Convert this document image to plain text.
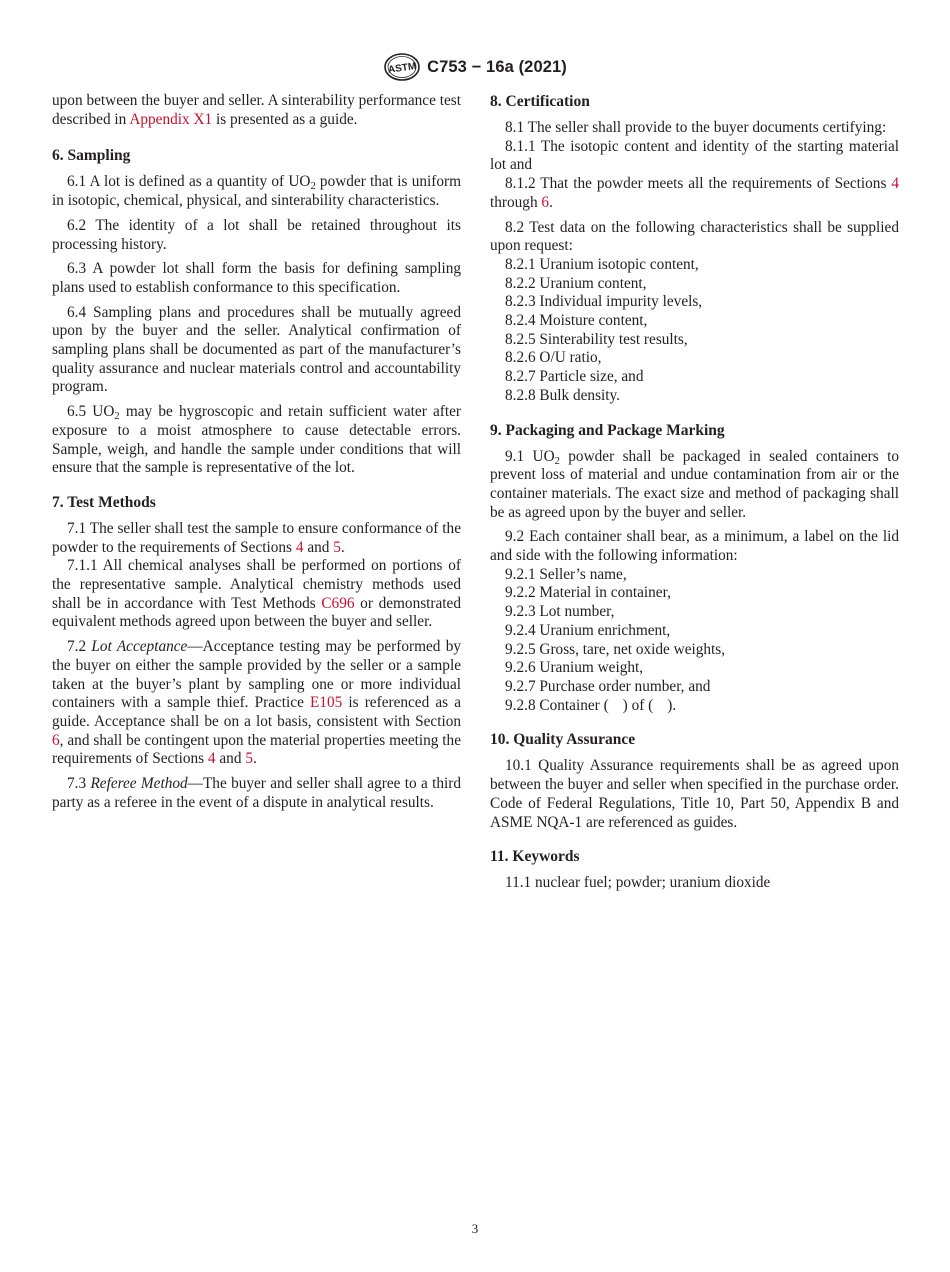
ASTM C753 − 16a (2021)

upon between the buyer and seller. A sinterability performance test described in Appendix X1 is presented as a guide.

6. Sampling

6.1 A lot is defined as a quantity of $UO_2$ powder that is uniform in isotopic, chemical, physical, and sinterability characteristics.

6.2 The identity of a lot shall be retained throughout its processing history.

6.3 A powder lot shall form the basis for defining sampling plans used to establish conformance to this specification.

6.4 Sampling plans and procedures shall be mutually agreed upon by the buyer and the seller. Analytical confirmation of sampling plans shall be documented as part of the manufacturer’s quality assurance and nuclear materials control and accountability program.

6.5 $UO_2$ may be hygroscopic and retain sufficient water after exposure to a moist atmosphere to cause detectable errors. Sample, weigh, and handle the sample under conditions that will ensure that the sample is representative of the lot.

7. Test Methods

7.1 The seller shall test the sample to ensure conformance of the powder to the requirements of Sections 4 and 5.

7.1.1 All chemical analyses shall be performed on portions of the representative sample. Analytical chemistry methods used shall be in accordance with Test Methods C696 or demonstrated equivalent methods agreed upon between the buyer and seller.

7.2 Lot Acceptance—Acceptance testing may be performed by the buyer on either the sample provided by the seller or a sample taken at the buyer’s plant by sampling one or more individual containers with a sample thief. Practice E105 is referenced as a guide. Acceptance shall be on a lot basis, consistent with Section 6, and shall be contingent upon the material properties meeting the requirements of Sections 4 and 5.

7.3 Referee Method—The buyer and seller shall agree to a third party as a referee in the event of a dispute in analytical results.

8. Certification

8.1 The seller shall provide to the buyer documents certifying:

8.1.1 The isotopic content and identity of the starting material lot and

8.1.2 That the powder meets all the requirements of Sections 4 through 6.

8.2 Test data on the following characteristics shall be supplied upon request:

8.2.1 Uranium isotopic content,
8.2.2 Uranium content,
8.2.3 Individual impurity levels,
8.2.4 Moisture content,
8.2.5 Sinterability test results,
8.2.6 O/U ratio,
8.2.7 Particle size, and
8.2.8 Bulk density.
9. Packaging and Package Marking

9.1 $UO_2$ powder shall be packaged in sealed containers to prevent loss of material and undue contamination from air or the container materials. The exact size and method of packaging shall be as agreed upon by the buyer and seller.

9.2 Each container shall bear, as a minimum, a label on the lid and side with the following information:

9.2.1 Seller’s name,
9.2.2 Material in container,
9.2.3 Lot number,
9.2.4 Uranium enrichment,
9.2.5 Gross, tare, net oxide weights,
9.2.6 Uranium weight,
9.2.7 Purchase order number, and
9.2.8 Container ( ) of ( ).
10. Quality Assurance

10.1 Quality Assurance requirements shall be as agreed upon between the buyer and seller when specified in the purchase order. Code of Federal Regulations, Title 10, Part 50, Appendix B and ASME NQA-1 are referenced as guides.

11. Keywords

11.1 nuclear fuel; powder; uranium dioxide

3
